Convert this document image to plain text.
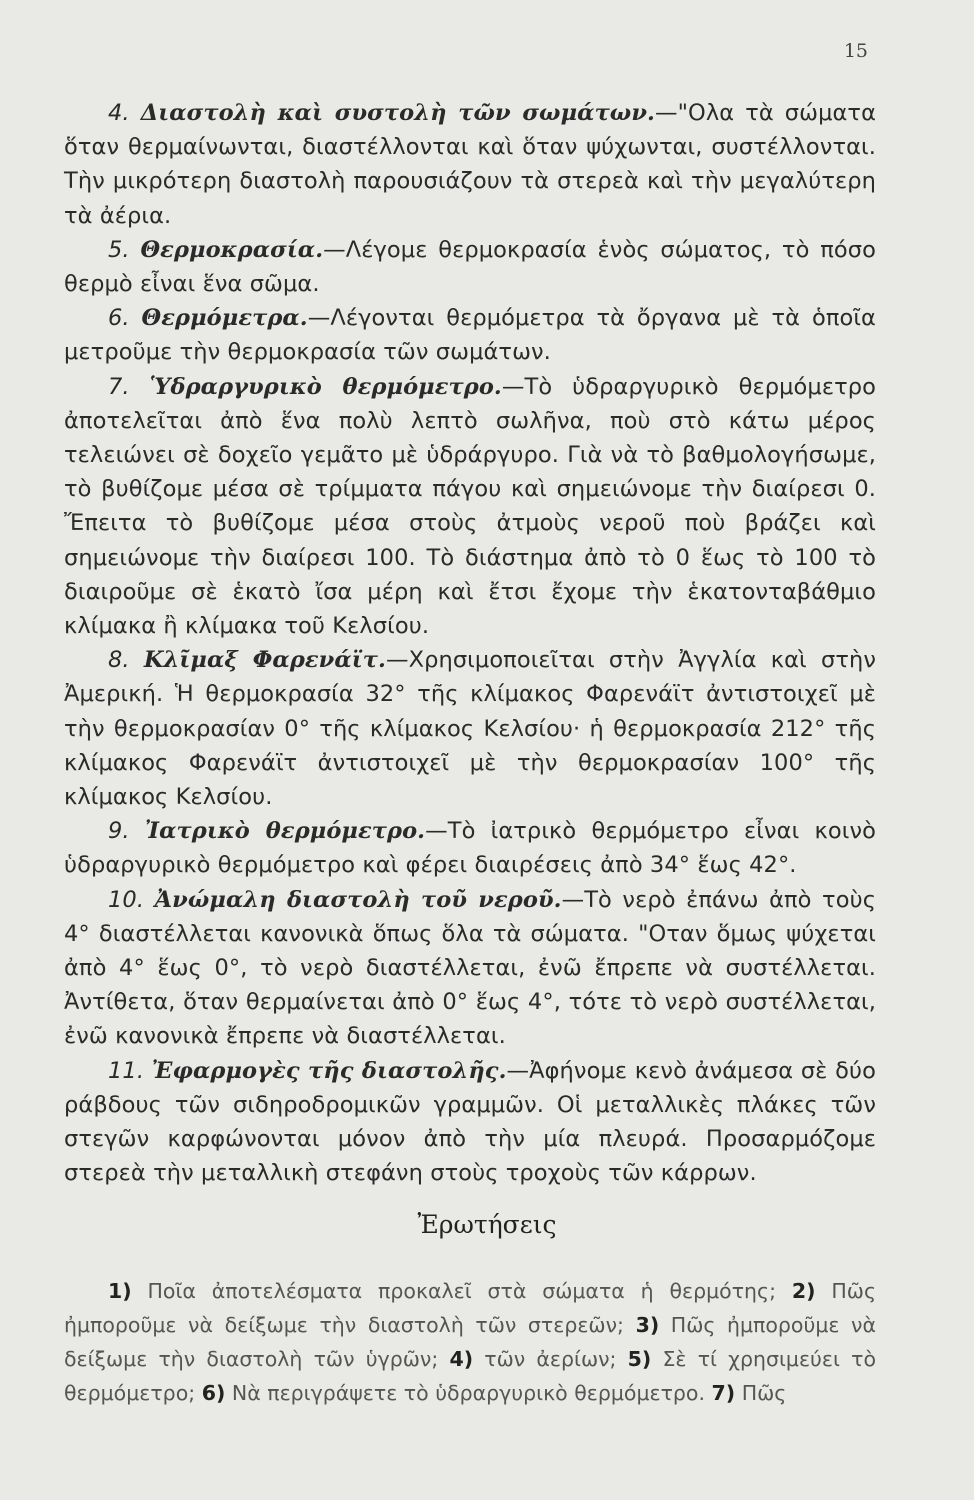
15

4. Διαστολὴ καὶ συστολὴ τῶν σωμάτων.—"Ολα τὰ σώματα ὅταν θερμαίνωνται, διαστέλλονται καὶ ὅταν ψύχωνται, συστέλλονται. Τὴν μικρότερη διαστολὴ παρουσιάζουν τὰ στερεὰ καὶ τὴν μεγαλύτερη τὰ ἀέρια.

5. Θερμοκρασία.—Λέγομε θερμοκρασία ἑνὸς σώματος, τὸ πόσο θερμὸ εἶναι ἕνα σῶμα.

6. Θερμόμετρα.—Λέγονται θερμόμετρα τὰ ὄργανα μὲ τὰ ὁποῖα μετροῦμε τὴν θερμοκρασία τῶν σωμάτων.

7. Ὑδραργυρικὸ θερμόμετρο.—Τὸ ὑδραργυρικὸ θερμόμετρο ἀποτελεῖται ἀπὸ ἕνα πολὺ λεπτὸ σωλῆνα, ποὺ στὸ κάτω μέρος τελειώνει σὲ δοχεῖο γεμᾶτο μὲ ὑδράργυρο. Γιὰ νὰ τὸ βαθμολογήσωμε, τὸ βυθίζομε μέσα σὲ τρίμματα πάγου καὶ σημειώνομε τὴν διαίρεσι 0. Ἔπειτα τὸ βυθίζομε μέσα στοὺς ἀτμοὺς νεροῦ ποὺ βράζει καὶ σημειώνομε τὴν διαίρεσι 100. Τὸ διάστημα ἀπὸ τὸ 0 ἕως τὸ 100 τὸ διαιροῦμε σὲ ἑκατὸ ἴσα μέρη καὶ ἔτσι ἔχομε τὴν ἑκατονταβάθμιο κλίμακα ἢ κλίμακα τοῦ Κελσίου.

8. Κλῖμαξ Φαρενάϊτ.—Χρησιμοποιεῖται στὴν Ἀγγλία καὶ στὴν Ἀμερική. Ἡ θερμοκρασία 32° τῆς κλίμακος Φαρενάϊτ ἀντιστοιχεῖ μὲ τὴν θερμοκρασίαν 0° τῆς κλίμακος Κελσίου· ἡ θερμοκρασία 212° τῆς κλίμακος Φαρενάϊτ ἀντιστοιχεῖ μὲ τὴν θερμοκρασίαν 100° τῆς κλίμακος Κελσίου.

9. Ἰατρικὸ θερμόμετρο.—Τὸ ἰατρικὸ θερμόμετρο εἶναι κοινὸ ὑδραργυρικὸ θερμόμετρο καὶ φέρει διαιρέσεις ἀπὸ 34° ἕως 42°.

10. Ἀνώμαλη διαστολὴ τοῦ νεροῦ.—Τὸ νερὸ ἐπάνω ἀπὸ τοὺς 4° διαστέλλεται κανονικὰ ὅπως ὅλα τὰ σώματα. "Οταν ὅμως ψύχεται ἀπὸ 4° ἕως 0°, τὸ νερὸ διαστέλλεται, ἐνῶ ἔπρεπε νὰ συστέλλεται. Ἀντίθετα, ὅταν θερμαίνεται ἀπὸ 0° ἕως 4°, τότε τὸ νερὸ συστέλλεται, ἐνῶ κανονικὰ ἔπρεπε νὰ διαστέλλεται.

11. Ἐφαρμογὲς τῆς διαστολῆς.—Ἀφήνομε κενὸ ἀνάμεσα σὲ δύο ράβδους τῶν σιδηροδρομικῶν γραμμῶν. Οἱ μεταλλικὲς πλάκες τῶν στεγῶν καρφώνονται μόνον ἀπὸ τὴν μία πλευρά. Προσαρμόζομε στερεὰ τὴν μεταλλικὴ στεφάνη στοὺς τροχοὺς τῶν κάρρων.

Ἐρωτήσεις

1) Ποῖα ἀποτελέσματα προκαλεῖ στὰ σώματα ἡ θερμότης; 2) Πῶς ἠμποροῦμε νὰ δείξωμε τὴν διαστολὴ τῶν στερεῶν; 3) Πῶς ἠμποροῦμε νὰ δείξωμε τὴν διαστολὴ τῶν ὑγρῶν; 4) τῶν ἀερίων; 5) Σὲ τί χρησιμεύει τὸ θερμόμετρο; 6) Νὰ περιγράψετε τὸ ὑδραργυρικὸ θερμόμετρο. 7) Πῶς
